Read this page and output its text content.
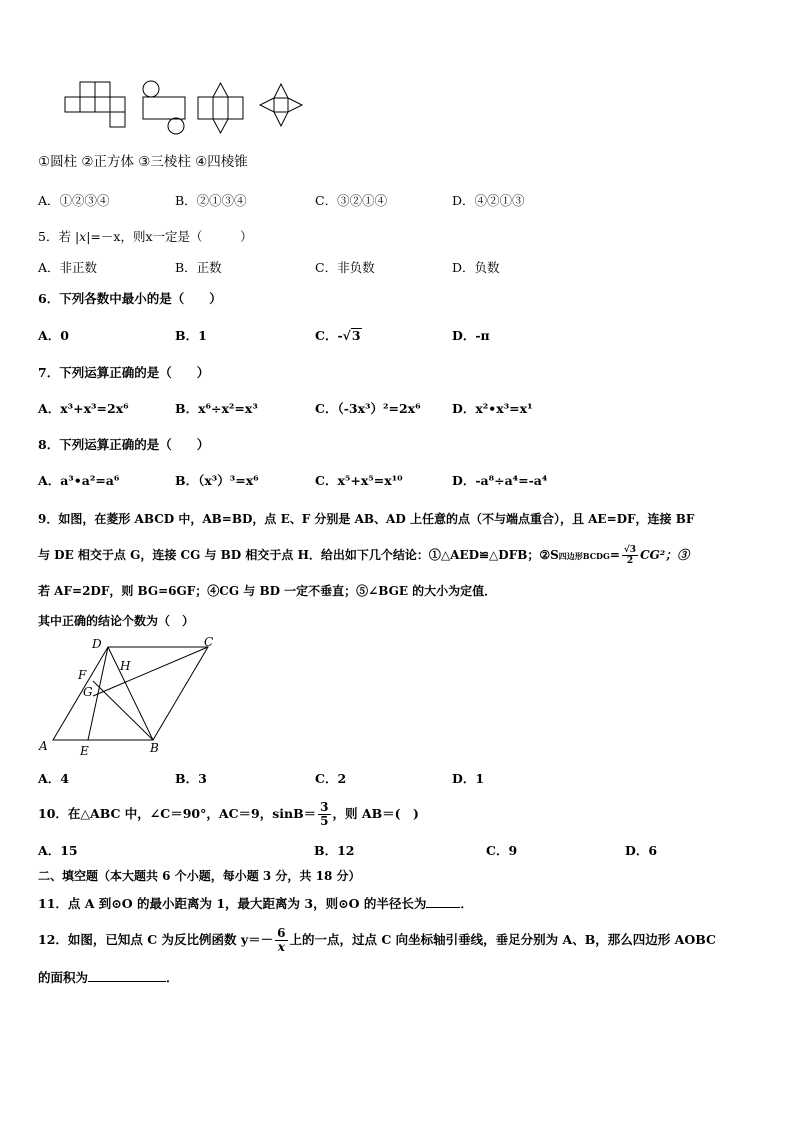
①圆柱 ②正方体 ③三棱柱 ④四棱锥
A．①②③④	B．②①③④	C．③②①④	D．④②①③
5．若 |x|=－x，则x一定是（　　　）
A．非正数	B．正数	C．非负数	D．负数
6．下列各数中最小的是（　　）
A．0	B．1	C．-√3	D．-π
7．下列运算正确的是（　　）
A．x³+x³=2x⁶	B．x⁶÷x²=x³	C．（-3x³）²=2x⁶	D．x²•x³=x¹
8．下列运算正确的是（　　）
A．a³•a²=a⁶	B．（x³）³=x⁶	C．x⁵+x⁵=x¹⁰	D．-a⁸÷a⁴=-a⁴
9．如图，在菱形 ABCD 中，AB=BD，点 E、F 分别是 AB、AD 上任意的点（不与端点重合），且 AE=DF，连接 BF
与 DE 相交于点 G，连接 CG 与 BD 相交于点 H．给出如下几个结论：①△AED≌△DFB；②S四边形BCDG= $\frac{√3}{2} CG^2$；③
若 AF=2DF，则 BG=6GF；④CG 与 BD 一定不垂直；⑤∠BGE 的大小为定值．
其中正确的结论个数为（　）
A	B
C
D
E
F
G
H
A．4	B．3	C．2	D．1
10．在△ABC 中，∠C＝90°，AC＝9，$\sin B= \frac{3}{5}$ ，则 AB＝(　)
A．15	B．12	C．9	D．6
二、填空题（本大题共 6 个小题，每小题 3 分，共 18 分）
11．点 A 到⊙O 的最小距离为 1，最大距离为 3，则⊙O 的半径长为	．
12．如图，已知点 C 为反比例函数 $y=- \frac{6}{x}$ 上的一点，过点 C 向坐标轴引垂线，垂足分别为 A、B，那么四边形 AOBC
的面积为	．
